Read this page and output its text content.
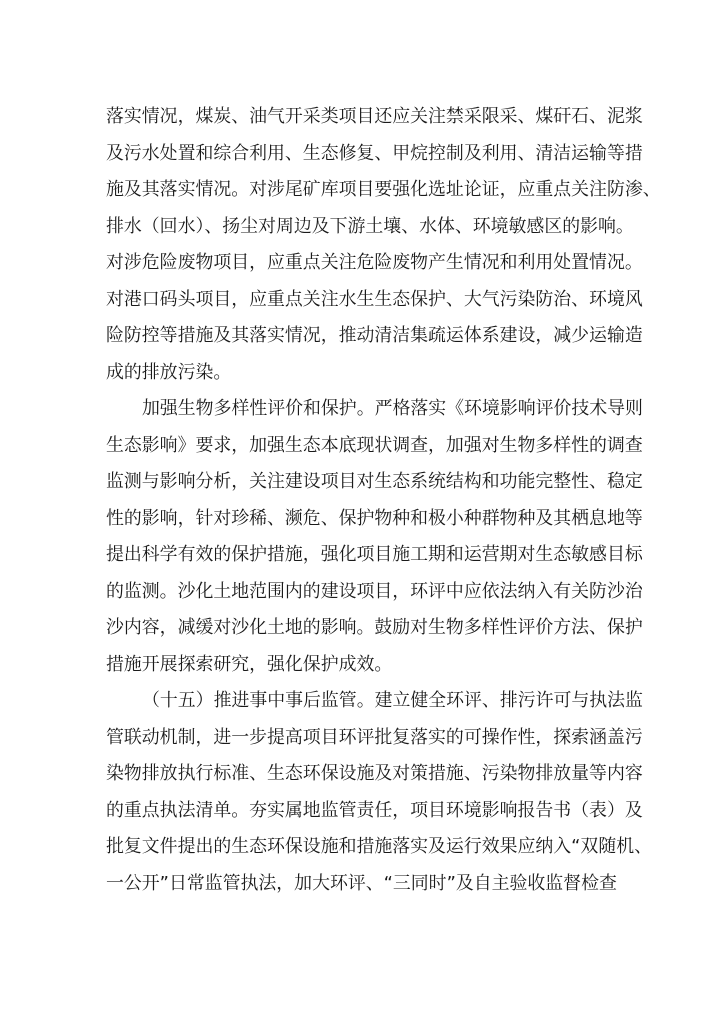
落实情况，煤炭、油气开采类项目还应关注禁采限采、煤矸石、泥浆
及污水处置和综合利用、生态修复、甲烷控制及利用、清洁运输等措
施及其落实情况。对涉尾矿库项目要强化选址论证，应重点关注防渗、
排水（回水）、扬尘对周边及下游土壤、水体、环境敏感区的影响。
对涉危险废物项目，应重点关注危险废物产生情况和利用处置情况。
对港口码头项目，应重点关注水生生态保护、大气污染防治、环境风
险防控等措施及其落实情况，推动清洁集疏运体系建设，减少运输造
成的排放污染。
加强生物多样性评价和保护。严格落实《环境影响评价技术导则
生态影响》要求，加强生态本底现状调查，加强对生物多样性的调查
监测与影响分析，关注建设项目对生态系统结构和功能完整性、稳定
性的影响，针对珍稀、濒危、保护物种和极小种群物种及其栖息地等
提出科学有效的保护措施，强化项目施工期和运营期对生态敏感目标
的监测。沙化土地范围内的建设项目，环评中应依法纳入有关防沙治
沙内容，减缓对沙化土地的影响。鼓励对生物多样性评价方法、保护
措施开展探索研究，强化保护成效。
（十五）推进事中事后监管。建立健全环评、排污许可与执法监
管联动机制，进一步提高项目环评批复落实的可操作性，探索涵盖污
染物排放执行标准、生态环保设施及对策措施、污染物排放量等内容
的重点执法清单。夯实属地监管责任，项目环境影响报告书（表）及
批复文件提出的生态环保设施和措施落实及运行效果应纳入“双随机、
一公开”日常监管执法，加大环评、“三同时”及自主验收监督检查
